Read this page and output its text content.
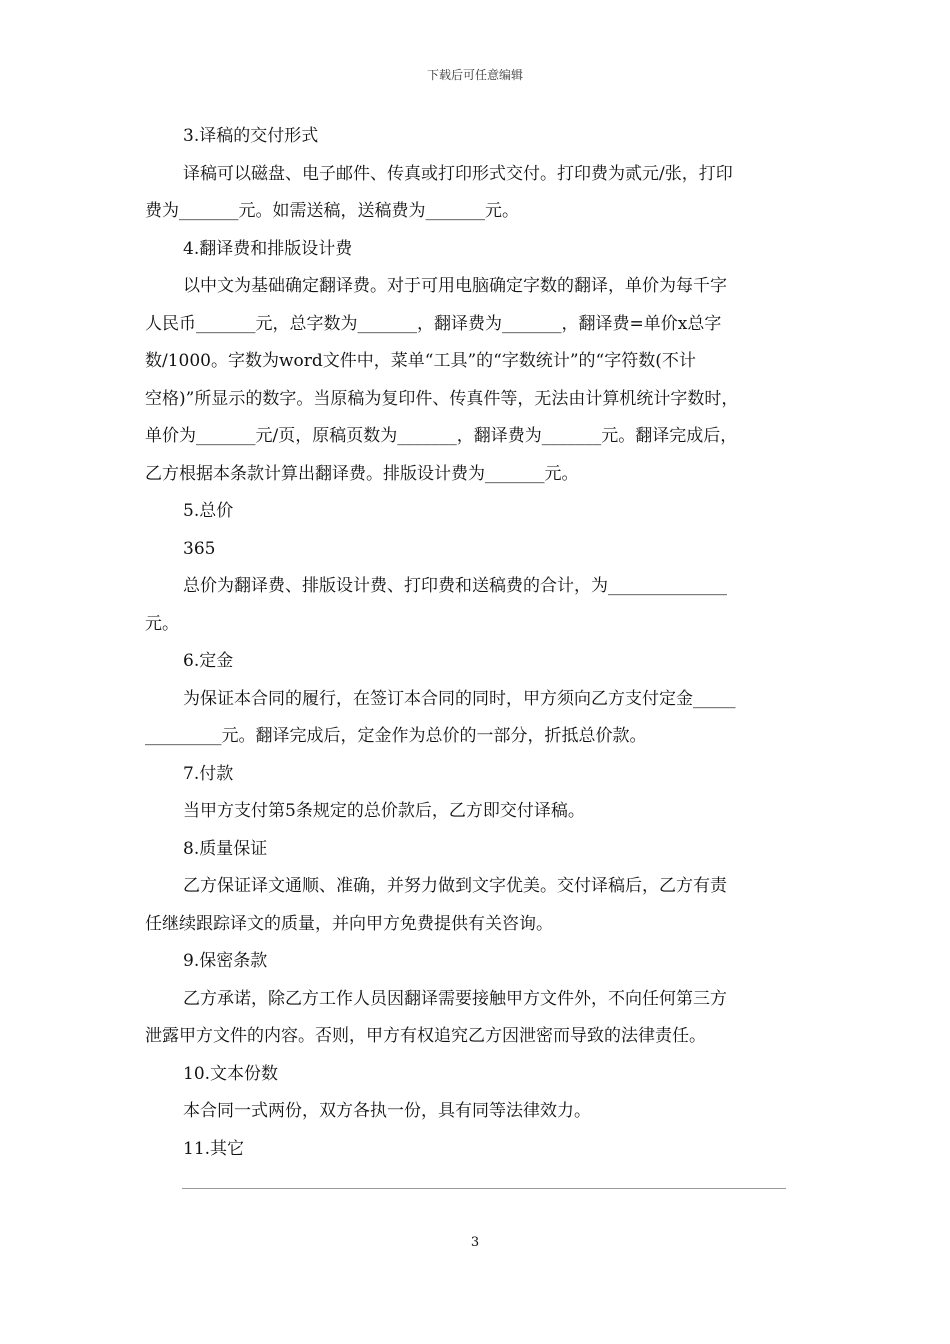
下载后可任意编辑

3.译稿的交付形式

译稿可以磁盘、电子邮件、传真或打印形式交付。打印费为贰元/张，打印

费为_______元。如需送稿，送稿费为_______元。

4.翻译费和排版设计费

以中文为基础确定翻译费。对于可用电脑确定字数的翻译，单价为每千字

人民币_______元，总字数为_______，翻译费为_______，翻译费=单价x总字

数/1000。字数为word文件中，菜单“工具”的“字数统计”的“字符数(不计

空格)”所显示的数字。当原稿为复印件、传真件等，无法由计算机统计字数时，

单价为_______元/页，原稿页数为_______，翻译费为_______元。翻译完成后，

乙方根据本条款计算出翻译费。排版设计费为_______元。

5.总价

365

总价为翻译费、排版设计费、打印费和送稿费的合计，为______________

元。

6.定金

为保证本合同的履行，在签订本合同的同时，甲方须向乙方支付定金_____

_________元。翻译完成后，定金作为总价的一部分，折抵总价款。

7.付款

当甲方支付第5条规定的总价款后，乙方即交付译稿。

8.质量保证

乙方保证译文通顺、准确，并努力做到文字优美。交付译稿后，乙方有责

任继续跟踪译文的质量，并向甲方免费提供有关咨询。

9.保密条款

乙方承诺，除乙方工作人员因翻译需要接触甲方文件外，不向任何第三方

泄露甲方文件的内容。否则，甲方有权追究乙方因泄密而导致的法律责任。

10.文本份数

本合同一式两份，双方各执一份，具有同等法律效力。

11.其它

3
